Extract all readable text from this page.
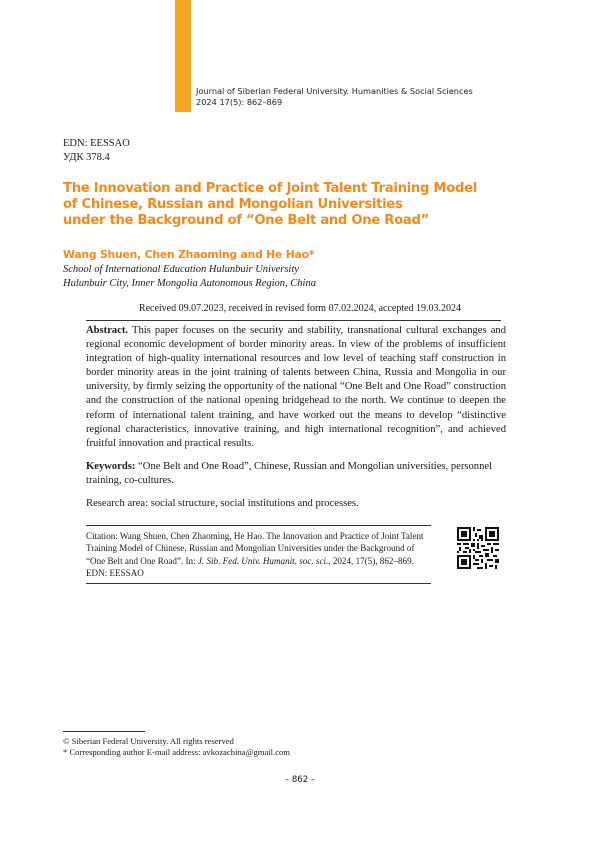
Journal of Siberian Federal University. Humanities & Social Sciences
2024 17(5): 862–869
EDN: EESSAO
УДК 378.4
The Innovation and Practice of Joint Talent Training Model
of Chinese, Russian and Mongolian Universities
under the Background of “One Belt and One Road”
Wang Shuen, Chen Zhaoming and He Hao*
School of International Education Hulunbuir University
Hulunbuir City, Inner Mongolia Autonomous Region, China
Received 09.07.2023, received in revised form 07.02.2024, accepted 19.03.2024
Abstract. This paper focuses on the security and stability, transnational cultural exchanges and regional economic development of border minority areas. In view of the problems of insufficient integration of high-quality international resources and low level of teaching staff construction in border minority areas in the joint training of talents between China, Russia and Mongolia in our university, by firmly seizing the opportunity of the national “One Belt and One Road” construction and the construction of the national opening bridgehead to the north. We continue to deepen the reform of international talent training, and have worked out the means to develop “distinctive regional characteristics, innovative training, and high international recognition”, and achieved fruitful innovation and practical results.
Keywords: “One Belt and One Road”, Chinese, Russian and Mongolian universities, personnel training, co-cultures.
Research area: social structure, social institutions and processes.
Citation: Wang Shuen, Chen Zhaoming, He Hao. The Innovation and Practice of Joint Talent Training Model of Chinese, Russian and Mongolian Universities under the Background of “One Belt and One Road”. In: J. Sib. Fed. Univ. Humanit. soc. sci., 2024, 17(5), 862–869. EDN: EESSAO
© Siberian Federal University. All rights reserved
* Corresponding author E-mail address: avkozachina@gmail.com
– 862 –
